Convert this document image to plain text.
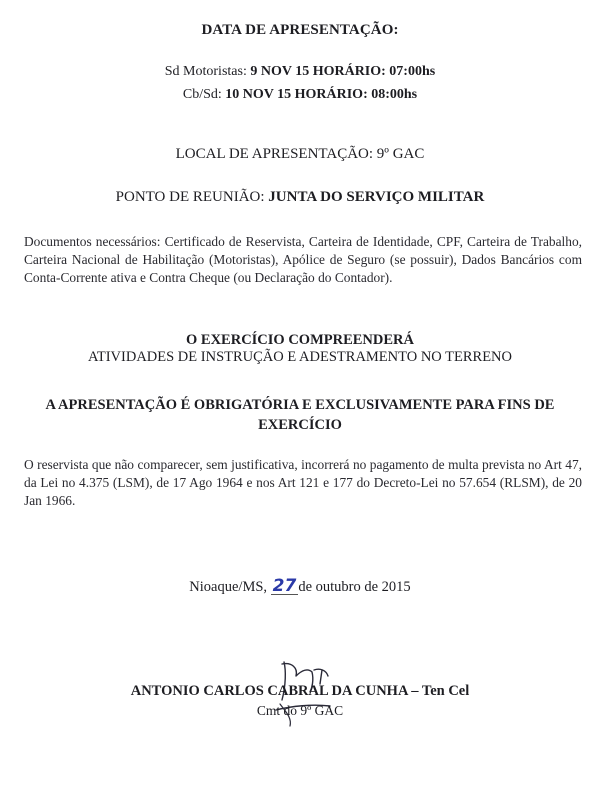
DATA DE APRESENTAÇÃO:
Sd Motoristas: 9 NOV 15 HORÁRIO: 07:00hs
Cb/Sd: 10 NOV 15 HORÁRIO: 08:00hs
LOCAL DE APRESENTAÇÃO: 9º GAC
PONTO DE REUNIÃO: JUNTA DO SERVIÇO MILITAR
Documentos necessários: Certificado de Reservista, Carteira de Identidade, CPF, Carteira de Trabalho, Carteira Nacional de Habilitação (Motoristas), Apólice de Seguro (se possuir), Dados Bancários com Conta-Corrente ativa e Contra Cheque (ou Declaração do Contador).
O EXERCÍCIO COMPREENDERÁ
ATIVIDADES DE INSTRUÇÃO E ADESTRAMENTO NO TERRENO
A APRESENTAÇÃO É OBRIGATÓRIA E EXCLUSIVAMENTE PARA FINS DE EXERCÍCIO
O reservista que não comparecer, sem justificativa, incorrerá no pagamento de multa prevista no Art 47, da Lei no 4.375 (LSM), de 17 Ago 1964 e nos Art 121 e 177 do Decreto-Lei no 57.654 (RLSM), de 20 Jan 1966.
Nioaque/MS, 27 de outubro de 2015
ANTONIO CARLOS CABRAL DA CUNHA – Ten Cel
Cmt do 9º GAC
